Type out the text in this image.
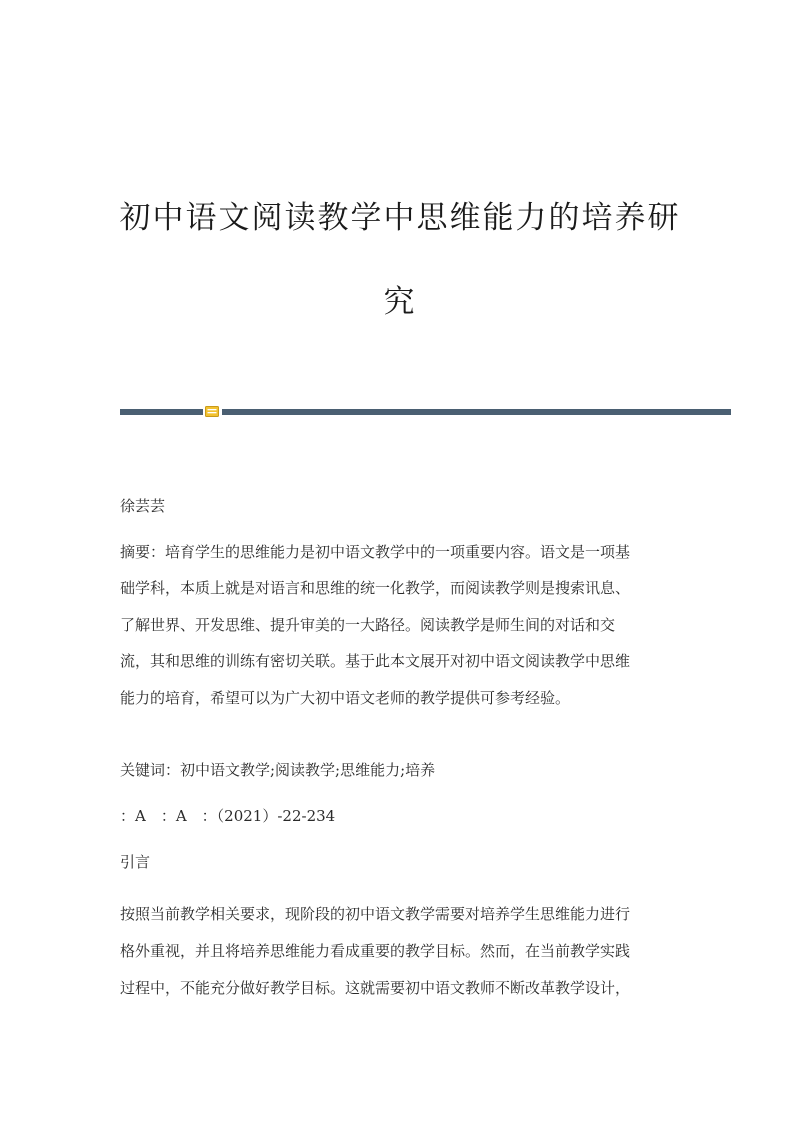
初中语文阅读教学中思维能力的培养研
究

徐芸芸

摘要：培育学生的思维能力是初中语文教学中的一项重要内容。语文是一项基
础学科，本质上就是对语言和思维的统一化教学，而阅读教学则是搜索讯息、
了解世界、开发思维、提升审美的一大路径。阅读教学是师生间的对话和交
流，其和思维的训练有密切关联。基于此本文展开对初中语文阅读教学中思维
能力的培育，希望可以为广大初中语文老师的教学提供可参考经验。

关键词：初中语文教学;阅读教学;思维能力;培养

：A　：A　：（2021）-22-234

引言

按照当前教学相关要求，现阶段的初中语文教学需要对培养学生思维能力进行
格外重视，并且将培养思维能力看成重要的教学目标。然而，在当前教学实践
过程中，不能充分做好教学目标。这就需要初中语文教师不断改革教学设计，
